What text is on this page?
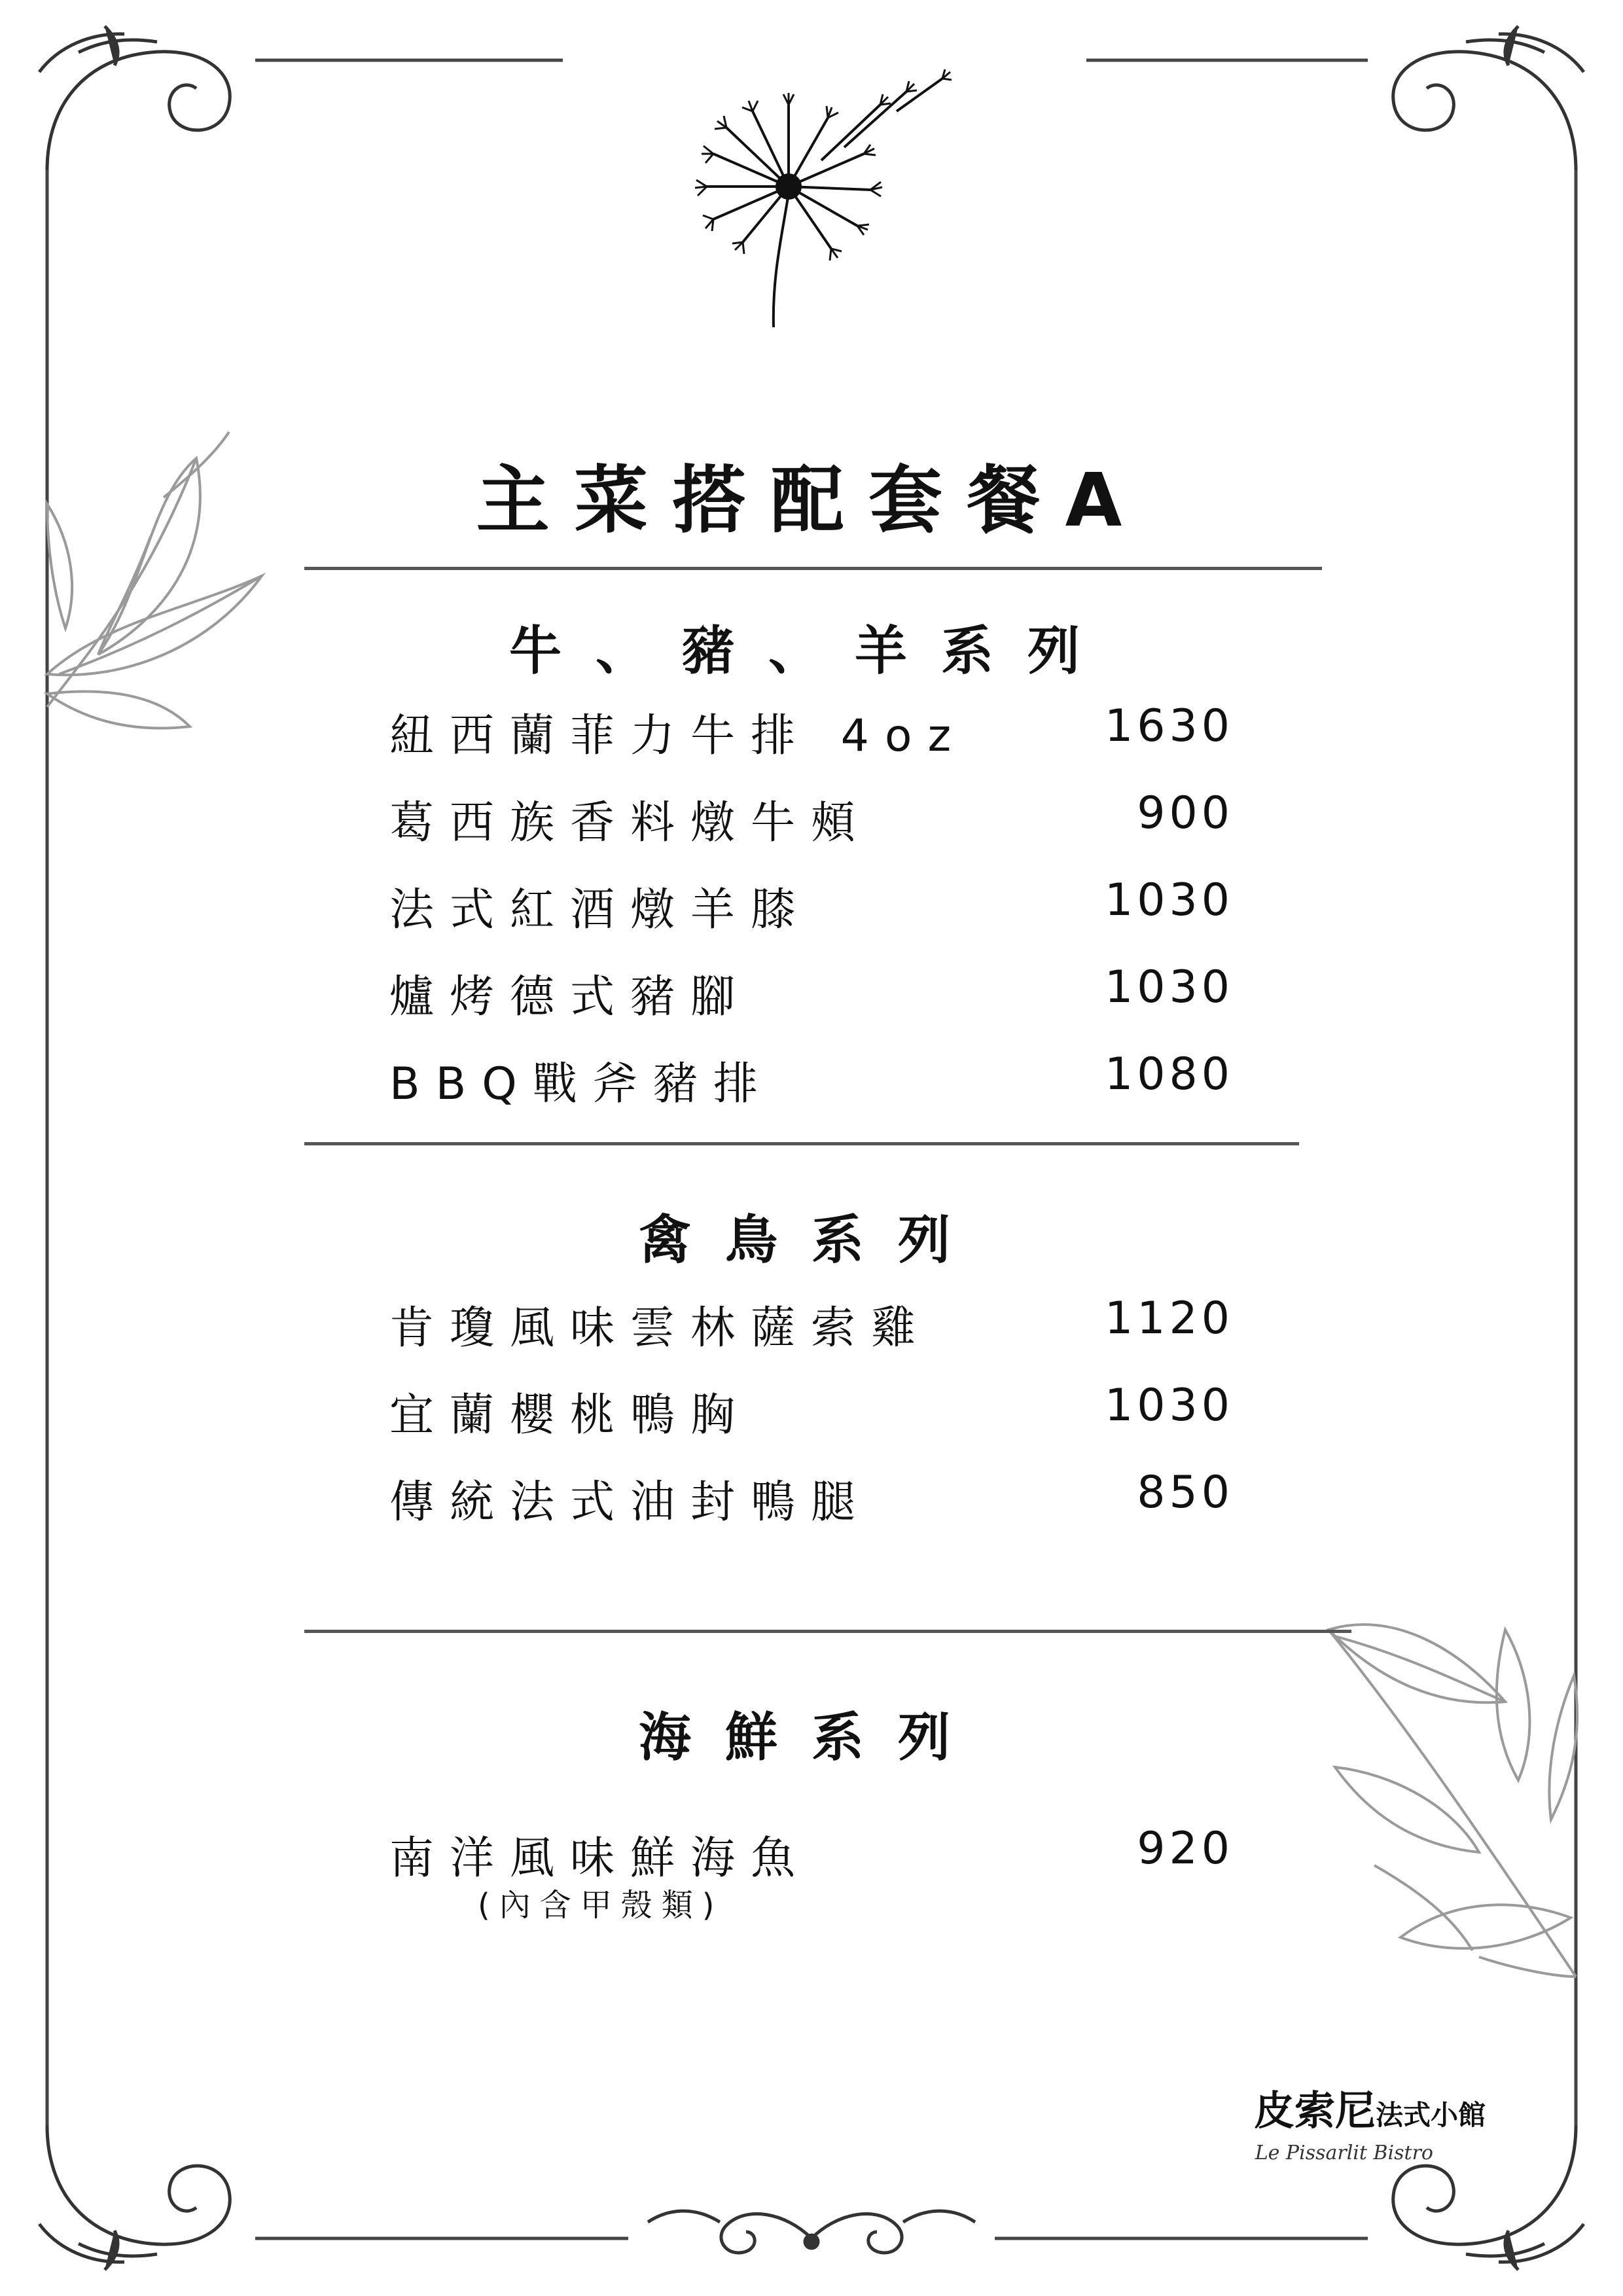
主菜搭配套餐A
牛、豬、羊系列
紐西蘭菲力牛排 4oz	1630
葛西族香料燉牛頰	900
法式紅酒燉羊膝	1030
爐烤德式豬腳	1030
BBQ戰斧豬排	1080
禽鳥系列
肯瓊風味雲林薩索雞	1120
宜蘭櫻桃鴨胸	1030
傳統法式油封鴨腿	850
海鮮系列
南洋風味鮮海魚	920
(內含甲殼類)
皮索尼法式小館
Le Pissarlit Bistro
